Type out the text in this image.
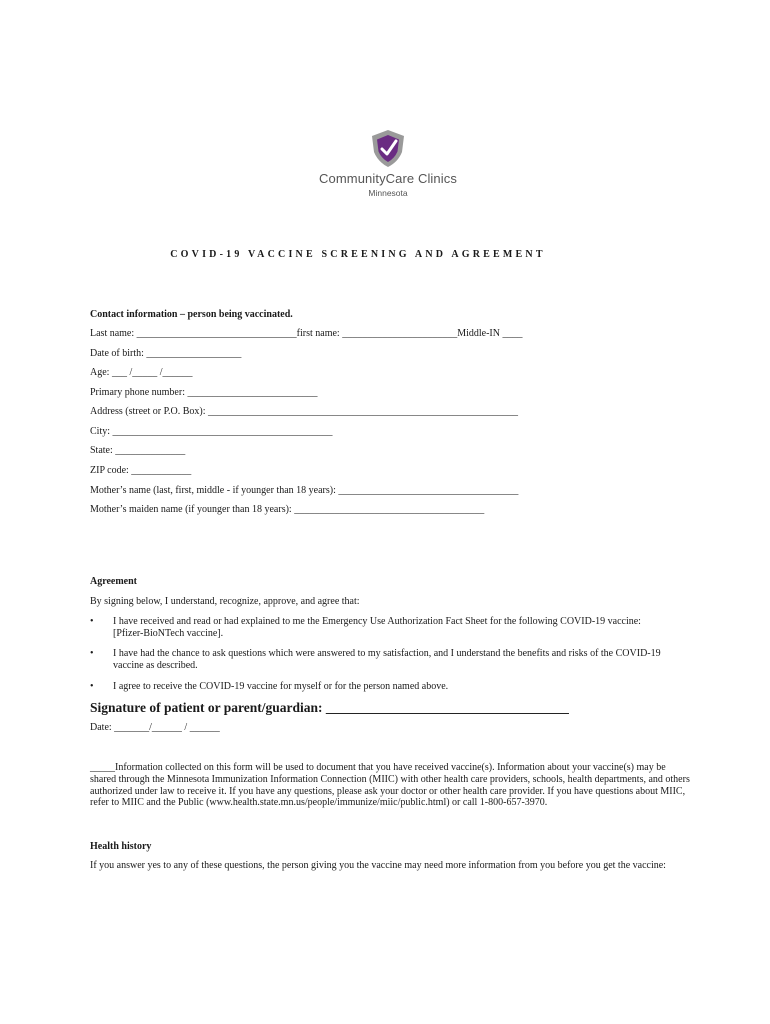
CommunityCare Clinics
Minnesota
COVID-19 VACCINE SCREENING AND AGREEMENT
Contact information – person being vaccinated.
Last name: ________________________________first name: _______________________Middle-IN ____
Date of birth: ___________________
Age: ___ /_____ /______
Primary phone number: __________________________
Address (street or P.O. Box): ______________________________________________________________
City: ____________________________________________
State: ______________
ZIP code: ____________
Mother’s name (last, first, middle - if younger than 18 years): ____________________________________
Mother’s maiden name (if younger than 18 years): ______________________________________
Agreement
By signing below, I understand, recognize, approve, and agree that:
• I have received and read or had explained to me the Emergency Use Authorization Fact Sheet for the following COVID-19 vaccine: [Pfizer-BioNTech vaccine].
• I have had the chance to ask questions which were answered to my satisfaction, and I understand the benefits and risks of the COVID-19 vaccine as described.
• I agree to receive the COVID-19 vaccine for myself or for the person named above.
Signature of patient or parent/guardian: ____________________________________
Date: _______/______ / ______
_____Information collected on this form will be used to document that you have received vaccine(s). Information about your vaccine(s) may be shared through the Minnesota Immunization Information Connection (MIIC) with other health care providers, schools, health departments, and others authorized under law to receive it. If you have any questions, please ask your doctor or other health care provider. If you have questions about MIIC, refer to MIIC and the Public (www.health.state.mn.us/people/immunize/miic/public.html) or call 1-800-657-3970.
Health history
If you answer yes to any of these questions, the person giving you the vaccine may need more information from you before you get the vaccine:
